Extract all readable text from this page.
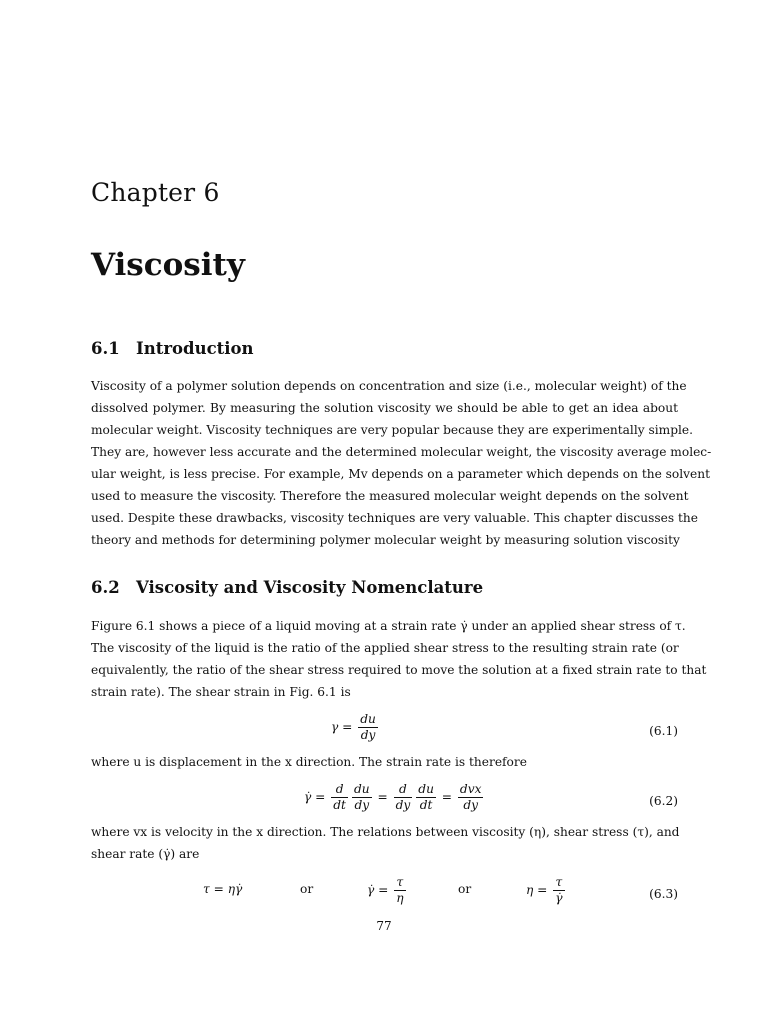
Chapter 6
Viscosity
6.1 Introduction
Viscosity of a polymer solution depends on concentration and size (i.e., molecular weight) of the
dissolved polymer. By measuring the solution viscosity we should be able to get an idea about
molecular weight. Viscosity techniques are very popular because they are experimentally simple.
They are, however less accurate and the determined molecular weight, the viscosity average molec-
ular weight, is less precise. For example, Mv depends on a parameter which depends on the solvent
used to measure the viscosity. Therefore the measured molecular weight depends on the solvent
used. Despite these drawbacks, viscosity techniques are very valuable. This chapter discusses the
theory and methods for determining polymer molecular weight by measuring solution viscosity
6.2 Viscosity and Viscosity Nomenclature
Figure 6.1 shows a piece of a liquid moving at a strain rate γ̇ under an applied shear stress of τ.
The viscosity of the liquid is the ratio of the applied shear stress to the resulting strain rate (or
equivalently, the ratio of the shear stress required to move the solution at a fixed strain rate to that
strain rate). The shear strain in Fig. 6.1 is
$\gamma = \frac{du}{dy}$	(6.1)
where u is displacement in the x direction. The strain rate is therefore
γ̇ = $\frac{d}{dt} \frac{du}{dy} = \frac{d}{dy} \frac{du}{dt} = \frac{\text{dvx}}{dy}$	(6.2)
where vx is velocity in the x direction. The relations between viscosity (η), shear stress (τ), and
shear rate (γ̇) are
τ = ηγ̇	or	γ̇ = $\frac{\tau}{\eta}$	or	$\eta = \frac{\tau}{\gammȧ}$	(6.3)
77
